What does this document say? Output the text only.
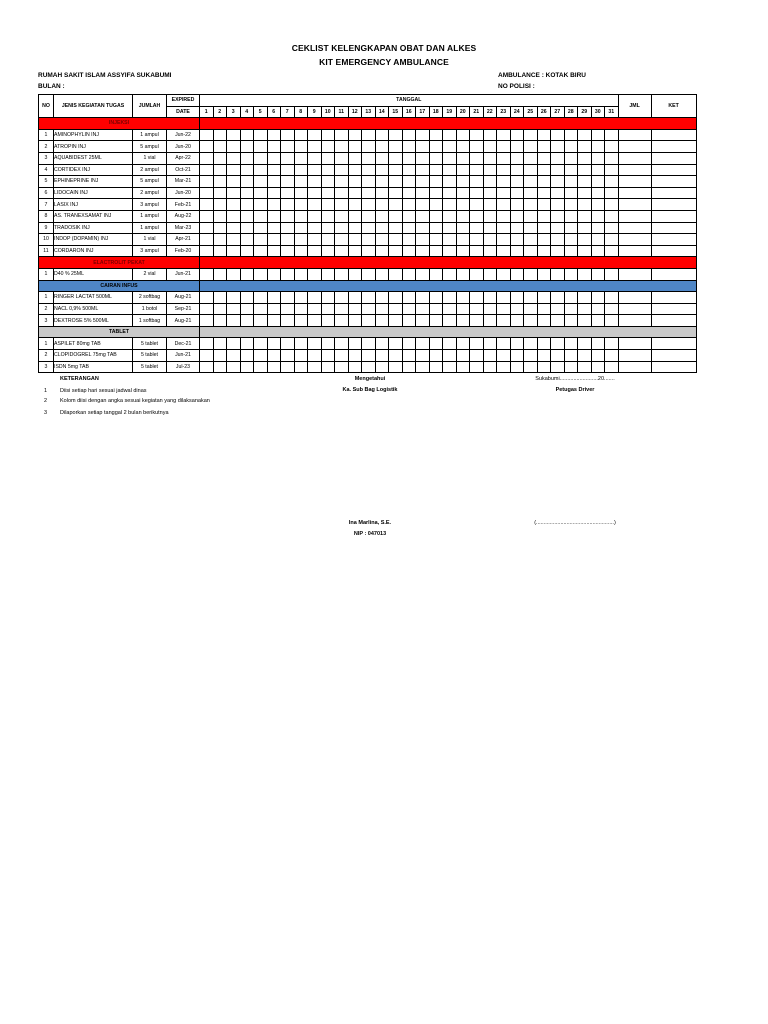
CEKLIST KELENGKAPAN OBAT DAN ALKES
KIT EMERGENCY AMBULANCE
RUMAH SAKIT ISLAM ASSYIFA SUKABUMI
BULAN :
AMBULANCE : KOTAK BIRU
NO POLISI :
NO	JENIS KEGIATAN TUGAS	JUMLAH	EXPIRED	TANGGAL																															JML	KET
			DATE	1	2	3	4	5	6	7	8	9	10	11	12	13	14	15	16	17	18	19	20	21	22	23	24	25	26	27	28	29	30	31		
INJEKSI																																				
1	AMINOPHYLIN INJ	1 ampul	Jun-22																																	
2	ATROPIN INJ	5 ampul	Jun-20																																	
3	AQUABIDEST 25ML	1 vial	Apr-22																																	
4	CORTIDEX INJ	2 ampul	Oct-21																																	
5	EPHINEPRINE INJ	5 ampul	Mar-21																																	
6	LIDOCAIN INJ	2 ampul	Jun-20																																	
7	LASIX INJ	3 ampul	Feb-21																																	
8	AS. TRANEXSAMAT INJ	1 ampul	Aug-22																																	
9	TRADOSIK INJ	1 ampul	Mar-23																																	
10	INDOP (DOPAMIN) INJ	1 vial	Apr-21																																	
11	CORDARON INJ	3 ampul	Feb-20																																	
ELACTROLIT PEKAT																																				
1	D40 % 25ML	2 vial	Jun-21																																	
CAIRAN INFUS																																				
1	RINGER LACTAT 500ML	2 softbag	Aug-21																																	
2	NACL 0,9% 500ML	1 botol	Sep-21																																	
3	DEXTROSE 5% 500ML	1 softbag	Aug-21																																	
TABLET																																				
1	ASPILET 80mg TAB	5 tablet	Dec-21																																	
2	CLOPIDOGREL 75mg TAB	5 tablet	Jun-21																																	
3	ISDN 5mg TAB	5 tablet	Jul-23																																	
KETERANGAN
1 Diisi setiap hari sesuai jadwal dinas
2 Kolom diisi dengan angka sesuai kegiatan yang dilaksanakan
3 Dilaporkan setiap tanggal 2 bulan berikutnya
Mengetahui
Ka. Sub Bag Logistik
Sukabumi.........................20.......
Petugas Driver
Ina Marlina, S.E.
NIP : 047013
(...................................................)
